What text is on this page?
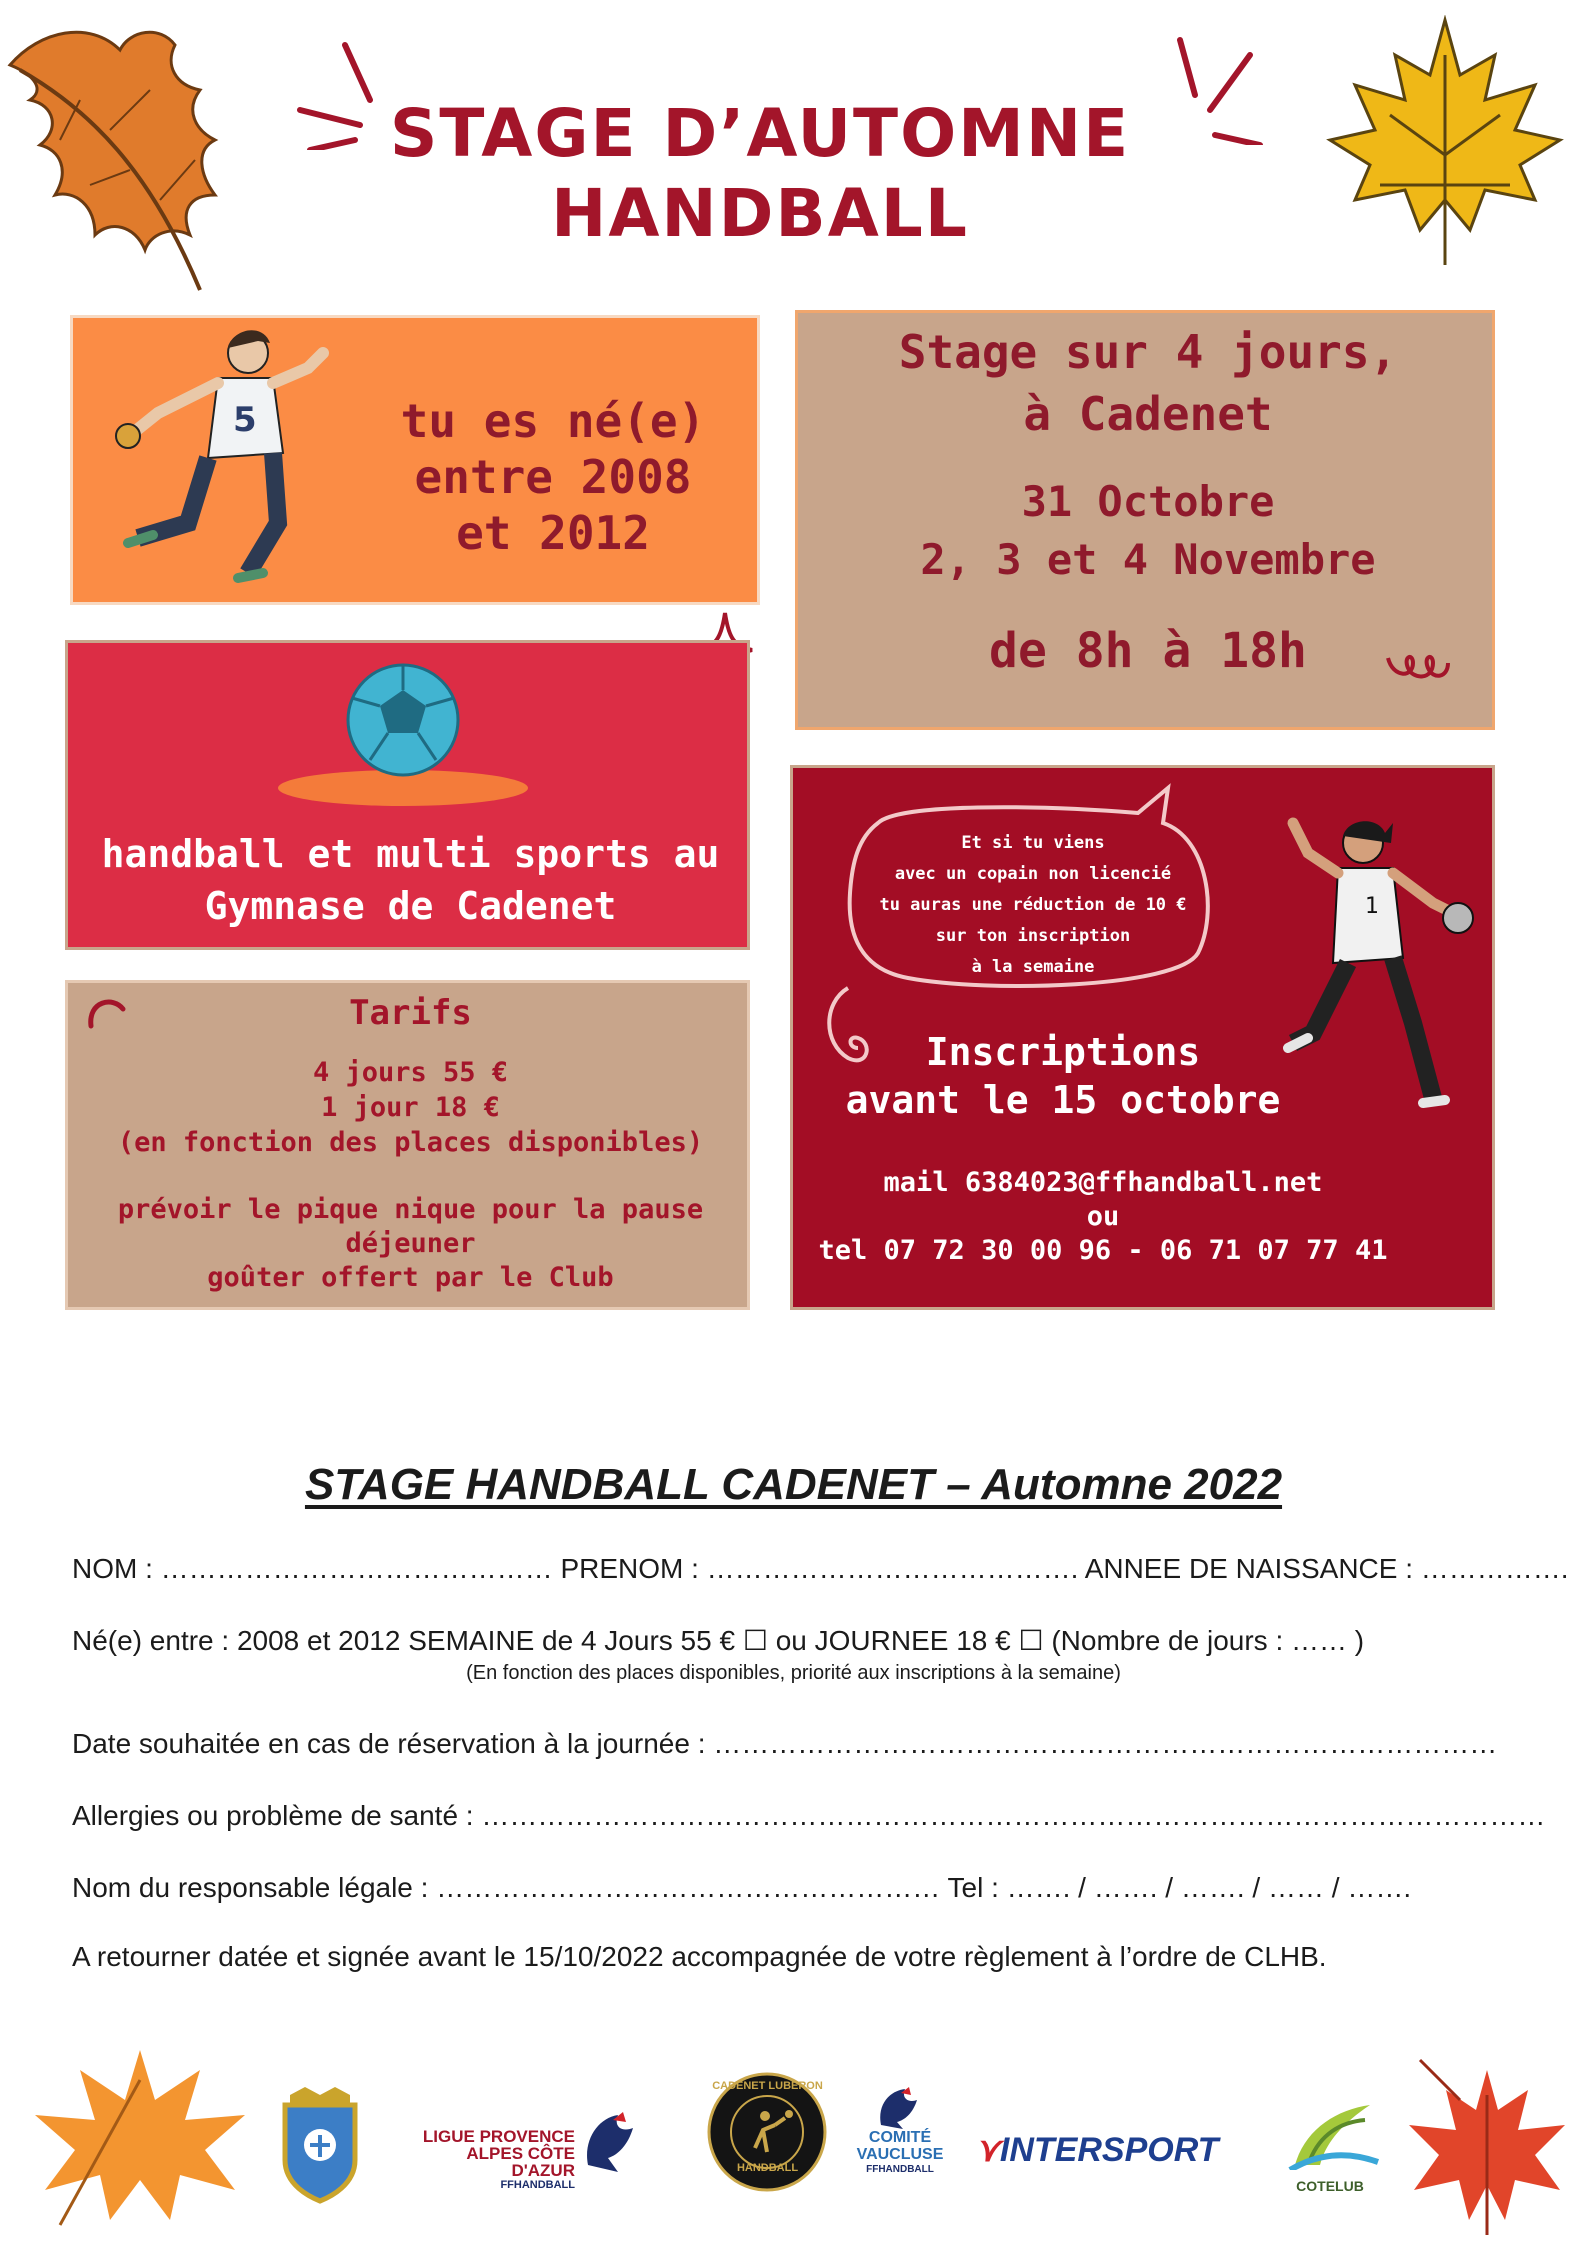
STAGE D’AUTOMNE
HANDBALL
5	tu es né(e)
entre 2008
et 2012
Stage sur 4 jours,
à Cadenet
31 Octobre
2, 3 et 4 Novembre
de 8h à 18h
handball et multi sports au
Gymnase de Cadenet
Tarifs
4 jours 55 €
1 jour 18 €
(en fonction des places disponibles)
prévoir le pique nique pour la pause
déjeuner
goûter offert par le Club
Et si tu viens
avec un copain non licencié
tu auras une réduction de 10 €
sur ton inscription
à la semaine
1
Inscriptions
avant le 15 octobre
mail 6384023@ffhandball.net
ou
tel 07 72 30 00 96 - 06 71 07 77 41
STAGE HANDBALL CADENET – Automne 2022
NOM : …………………………………… PRENOM : …………………………………. ANNEE DE NAISSANCE : …………….
Né(e) entre : 2008 et 2012 SEMAINE de 4 Jours 55 € ☐ ou JOURNEE 18 € ☐ (Nombre de jours : …… )
(En fonction des places disponibles, priorité aux inscriptions à la semaine)
Date souhaitée en cas de réservation à la journée : …………………………………………………………………………
Allergies ou problème de santé : ……………………………………………………………………………………………………
Nom du responsable légale : ……………………………………………… Tel : ……. / ……. / ……. / …… / …….
A retourner datée et signée avant le 15/10/2022 accompagnée de votre règlement à l’ordre de CLHB.
LIGUE PROVENCE
ALPES CÔTE D'AZUR
FFHANDBALL
CADENET LUBERON
HANDBALL
COMITÉ
VAUCLUSE
FFHANDBALL
⋎INTERSPORT
COTELUB
